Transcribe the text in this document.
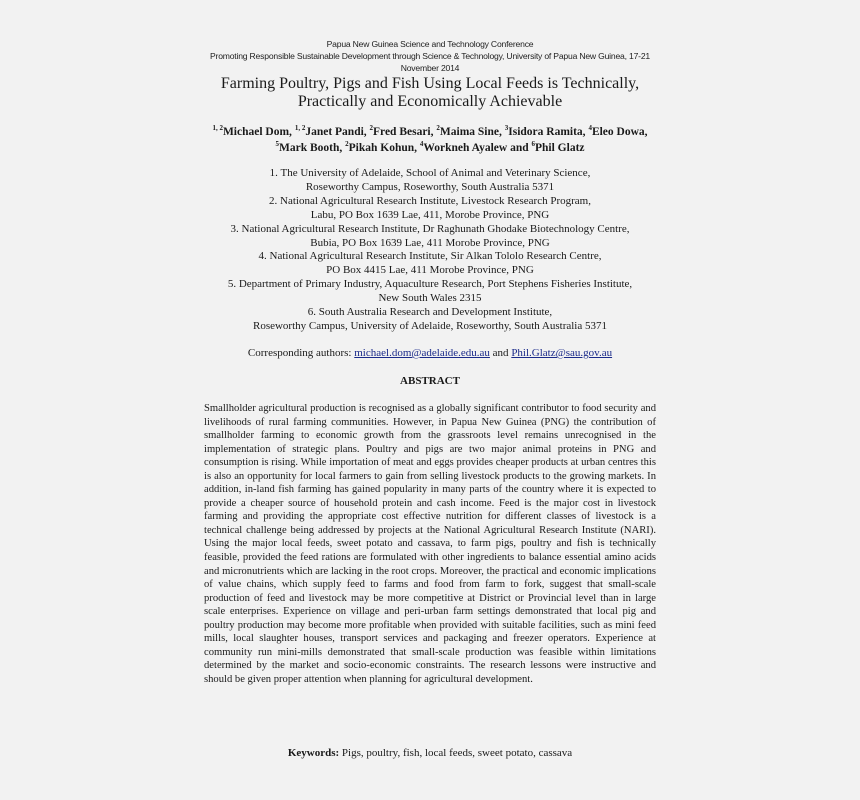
Papua New Guinea Science and Technology Conference
Promoting Responsible Sustainable Development through Science & Technology, University of Papua New Guinea, 17-21 November 2014
Farming Poultry, Pigs and Fish Using Local Feeds is Technically,
Practically and Economically Achievable
$^{1, 2}$Michael Dom, $^{1, 2}$Janet Pandi, $^2$Fred Besari, $^2$Maima Sine, $^3$Isidora Ramita, $^4$Eleo Dowa, $^5$Mark Booth, $^2$Pikah Kohun, $^4$Workneh Ayalew and $^6$Phil Glatz
1. The University of Adelaide, School of Animal and Veterinary Science,
Roseworthy Campus, Roseworthy, South Australia 5371
2. National Agricultural Research Institute, Livestock Research Program,
Labu, PO Box 1639 Lae, 411, Morobe Province, PNG
3. National Agricultural Research Institute, Dr Raghunath Ghodake Biotechnology Centre,
Bubia, PO Box 1639 Lae, 411 Morobe Province, PNG
4. National Agricultural Research Institute, Sir Alkan Tololo Research Centre,
PO Box 4415 Lae, 411 Morobe Province, PNG
5. Department of Primary Industry, Aquaculture Research, Port Stephens Fisheries Institute,
New South Wales 2315
6. South Australia Research and Development Institute,
Roseworthy Campus, University of Adelaide, Roseworthy, South Australia 5371
Corresponding authors: michael.dom@adelaide.edu.au and Phil.Glatz@sau.gov.au
ABSTRACT
Smallholder agricultural production is recognised as a globally significant contributor to food security and livelihoods of rural farming communities. However, in Papua New Guinea (PNG) the contribution of smallholder farming to economic growth from the grassroots level remains unrecognised in the implementation of strategic plans. Poultry and pigs are two major animal proteins in PNG and consumption is rising. While importation of meat and eggs provides cheaper products at urban centres this is also an opportunity for local farmers to gain from selling livestock products to the growing markets. In addition, in-land fish farming has gained popularity in many parts of the country where it is expected to provide a cheaper source of household protein and cash income. Feed is the major cost in livestock farming and providing the appropriate cost effective nutrition for different classes of livestock is a technical challenge being addressed by projects at the National Agricultural Research Institute (NARI). Using the major local feeds, sweet potato and cassava, to farm pigs, poultry and fish is technically feasible, provided the feed rations are formulated with other ingredients to balance essential amino acids and micronutrients which are lacking in the root crops. Moreover, the practical and economic implications of value chains, which supply feed to farms and food from farm to fork, suggest that small-scale production of feed and livestock may be more competitive at District or Provincial level than in large scale enterprises. Experience on village and peri-urban farm settings demonstrated that local pig and poultry production may become more profitable when provided with suitable facilities, such as mini feed mills, local slaughter houses, transport services and packaging and freezer operators. Experience at community run mini-mills demonstrated that small-scale production was feasible within limitations determined by the market and socio-economic constraints. The research lessons were instructive and should be given proper attention when planning for agricultural development.
Keywords: Pigs, poultry, fish, local feeds, sweet potato, cassava
